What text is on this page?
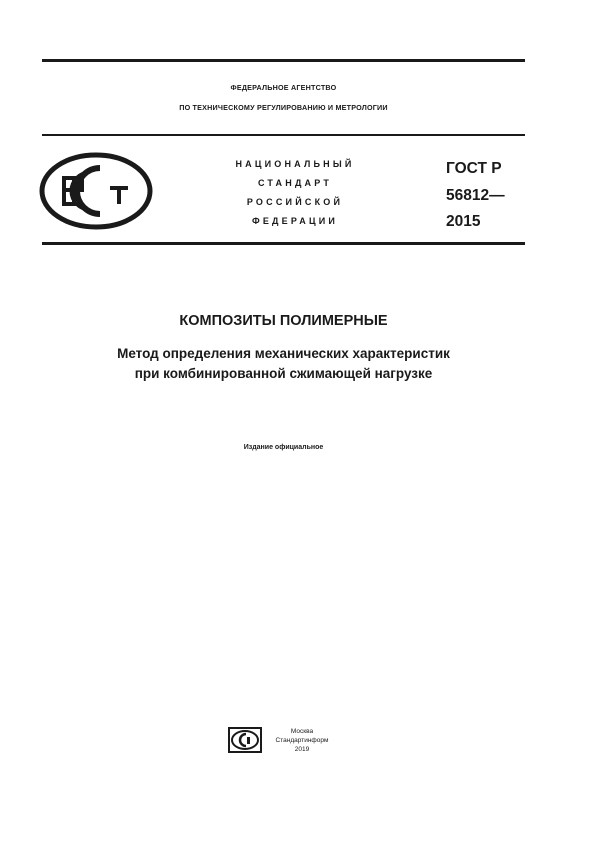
ФЕДЕРАЛЬНОЕ АГЕНТСТВО
ПО ТЕХНИЧЕСКОМУ РЕГУЛИРОВАНИЮ И МЕТРОЛОГИИ
НАЦИОНАЛЬНЫЙ
СТАНДАРТ
РОССИЙСКОЙ
ФЕДЕРАЦИИ
ГОСТ Р
56812—
2015
КОМПОЗИТЫ ПОЛИМЕРНЫЕ
Метод определения механических характеристик
при комбинированной сжимающей нагрузке
Издание официальное
Москва
Стандартинформ
2019
